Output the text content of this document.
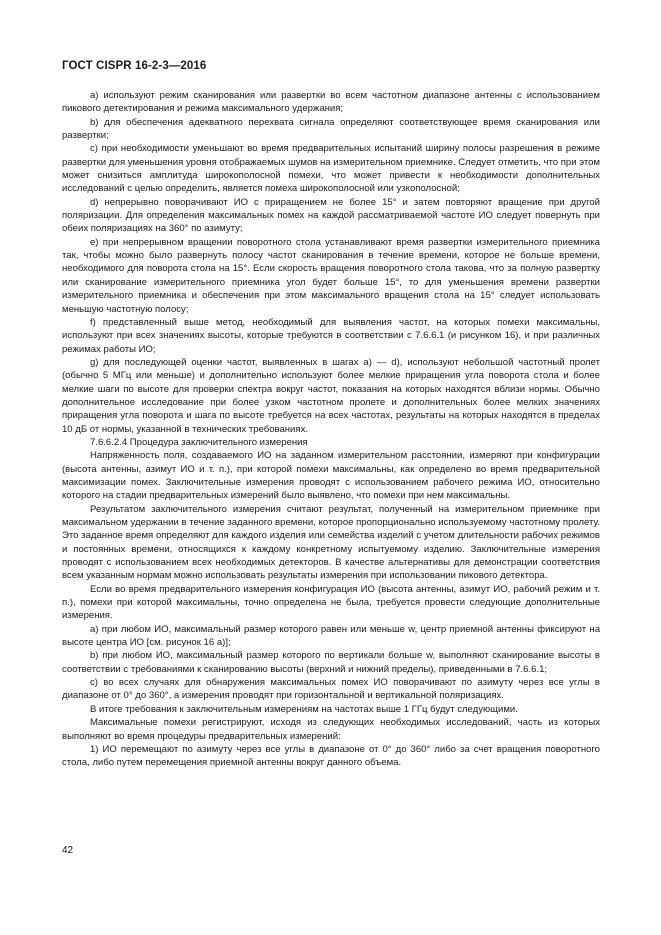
ГОСТ CISPR 16-2-3—2016

a) используют режим сканирования или развертки во всем частотном диапазоне антенны с использованием пикового детектирования и режима максимального удержания;

b) для обеспечения адекватного перехвата сигнала определяют соответствующее время сканирования или развертки;

c) при необходимости уменьшают во время предварительных испытаний ширину полосы разрешения в режиме развертки для уменьшения уровня отображаемых шумов на измерительном приемнике. Следует отметить, что при этом может снизиться амплитуда широкополосной помехи, что может привести к необходимости дополнительных исследований с целью определить, является помеха широкополосной или узкополосной;

d) непрерывно поворачивают ИО с приращением не более 15° и затем повторяют вращение при другой поляризации. Для определения максимальных помех на каждой рассматриваемой частоте ИО следует повернуть при обеих поляризациях на 360° по азимуту;

e) при непрерывном вращении поворотного стола устанавливают время развертки измерительного приемника так, чтобы можно было развернуть полосу частот сканирования в течение времени, которое не больше времени, необходимого для поворота стола на 15°. Если скорость вращения поворотного стола такова, что за полную развертку или сканирование измерительного приемника угол будет больше 15°, то для уменьшения времени развертки измерительного приемника и обеспечения при этом максимального вращения стола на 15° следует использовать меньшую частотную полосу;

f) представленный выше метод, необходимый для выявления частот, на которых помехи максимальны, используют при всех значениях высоты, которые требуются в соответствии с 7.6.6.1 (и рисунком 16), и при различных режимах работы ИО;

g) для последующей оценки частот, выявленных в шагах a) — d), используют небольшой частотный пролет (обычно 5 МГц или меньше) и дополнительно используют более мелкие приращения угла поворота стола и более мелкие шаги по высоте для проверки спектра вокруг частот, показания на которых находятся вблизи нормы. Обычно дополнительное исследование при более узком частотном пролете и дополнительных более мелких значениях приращения угла поворота и шага по высоте требуется на всех частотах, результаты на которых находятся в пределах 10 дБ от нормы, указанной в технических требованиях.

7.6.6.2.4 Процедура заключительного измерения

Напряженность поля, создаваемого ИО на заданном измерительном расстоянии, измеряют при конфигурации (высота антенны, азимут ИО и т. п.), при которой помехи максимальны, как определено во время предварительной максимизации помех. Заключительные измерения проводят с использованием рабочего режима ИО, относительно которого на стадии предварительных измерений было выявлено, что помехи при нем максимальны.

Результатом заключительного измерения считают результат, полученный на измерительном приемнике при максимальном удержании в течение заданного времени, которое пропорционально используемому частотному пролету. Это заданное время определяют для каждого изделия или семейства изделий с учетом длительности рабочих режимов и постоянных времени, относящихся к каждому конкретному испытуемому изделию. Заключительные измерения проводят с использованием всех необходимых детекторов. В качестве альтернативы для демонстрации соответствия всем указанным нормам можно использовать результаты измерения при использовании пикового детектора.

Если во время предварительного измерения конфигурация ИО (высота антенны, азимут ИО, рабочий режим и т. п.), помехи при которой максимальны, точно определена не была, требуется провести следующие дополнительные измерения.

a) при любом ИО, максимальный размер которого равен или меньше w, центр приемной антенны фиксируют на высоте центра ИО [см. рисунок 16 а)];

b) при любом ИО, максимальный размер которого по вертикали больше w, выполняют сканирование высоты в соответствии с требованиями к сканированию высоты (верхний и нижний пределы), приведенными в 7.6.6.1;

c) во всех случаях для обнаружения максимальных помех ИО поворачивают по азимуту через все углы в диапазоне от 0° до 360°, а измерения проводят при горизонтальной и вертикальной поляризациях.

В итоге требования к заключительным измерениям на частотах выше 1 ГГц будут следующими.

Максимальные помехи регистрируют, исходя из следующих необходимых исследований, часть из которых выполняют во время процедуры предварительных измерений:

1) ИО перемещают по азимуту через все углы в диапазоне от 0° до 360° либо за счет вращения поворотного стола, либо путем перемещения приемной антенны вокруг данного объема.

42
